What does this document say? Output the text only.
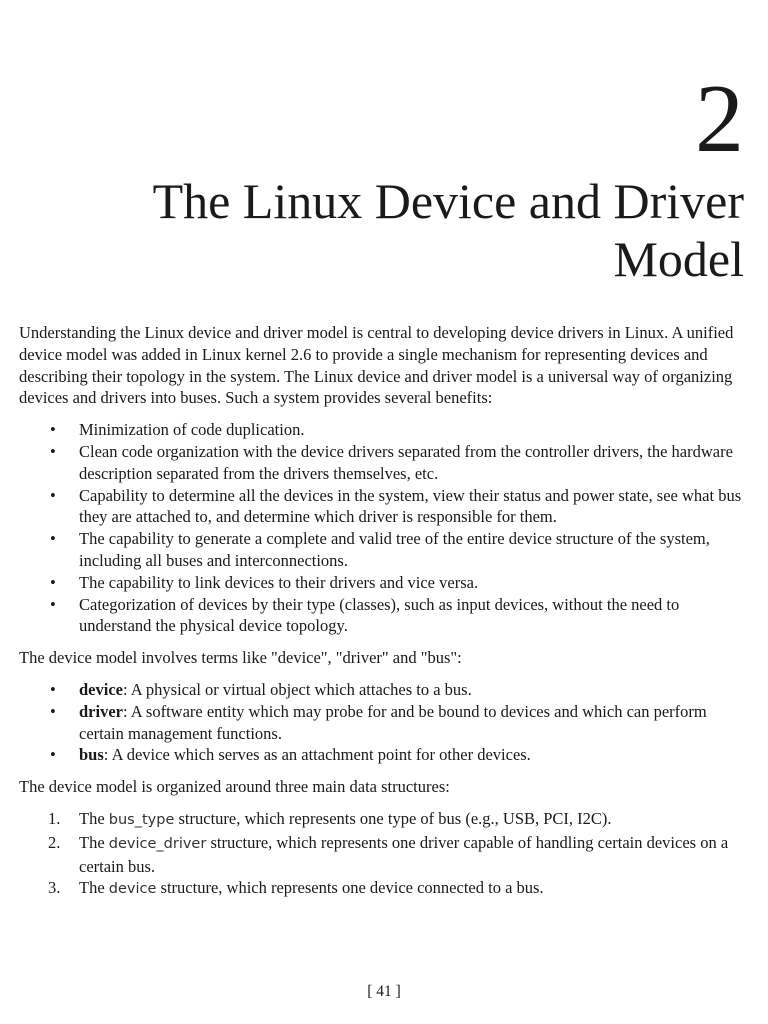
2
The Linux Device and Driver
Model

Understanding the Linux device and driver model is central to developing device drivers in Linux. A unified device model was added in Linux kernel 2.6 to provide a single mechanism for representing devices and describing their topology in the system. The Linux device and driver model is a universal way of organizing devices and drivers into buses. Such a system provides several benefits:

• Minimization of code duplication.
• Clean code organization with the device drivers separated from the controller drivers, the hardware description separated from the drivers themselves, etc.
• Capability to determine all the devices in the system, view their status and power state, see what bus they are attached to, and determine which driver is responsible for them.
• The capability to generate a complete and valid tree of the entire device structure of the system, including all buses and interconnections.
• The capability to link devices to their drivers and vice versa.
• Categorization of devices by their type (classes), such as input devices, without the need to understand the physical device topology.

The device model involves terms like "device", "driver" and "bus":

• device: A physical or virtual object which attaches to a bus.
• driver: A software entity which may probe for and be bound to devices and which can perform certain management functions.
• bus: A device which serves as an attachment point for other devices.

The device model is organized around three main data structures:

1. The bus_type structure, which represents one type of bus (e.g., USB, PCI, I2C).
2. The device_driver structure, which represents one driver capable of handling certain devices on a certain bus.
3. The device structure, which represents one device connected to a bus.
[ 41 ]
